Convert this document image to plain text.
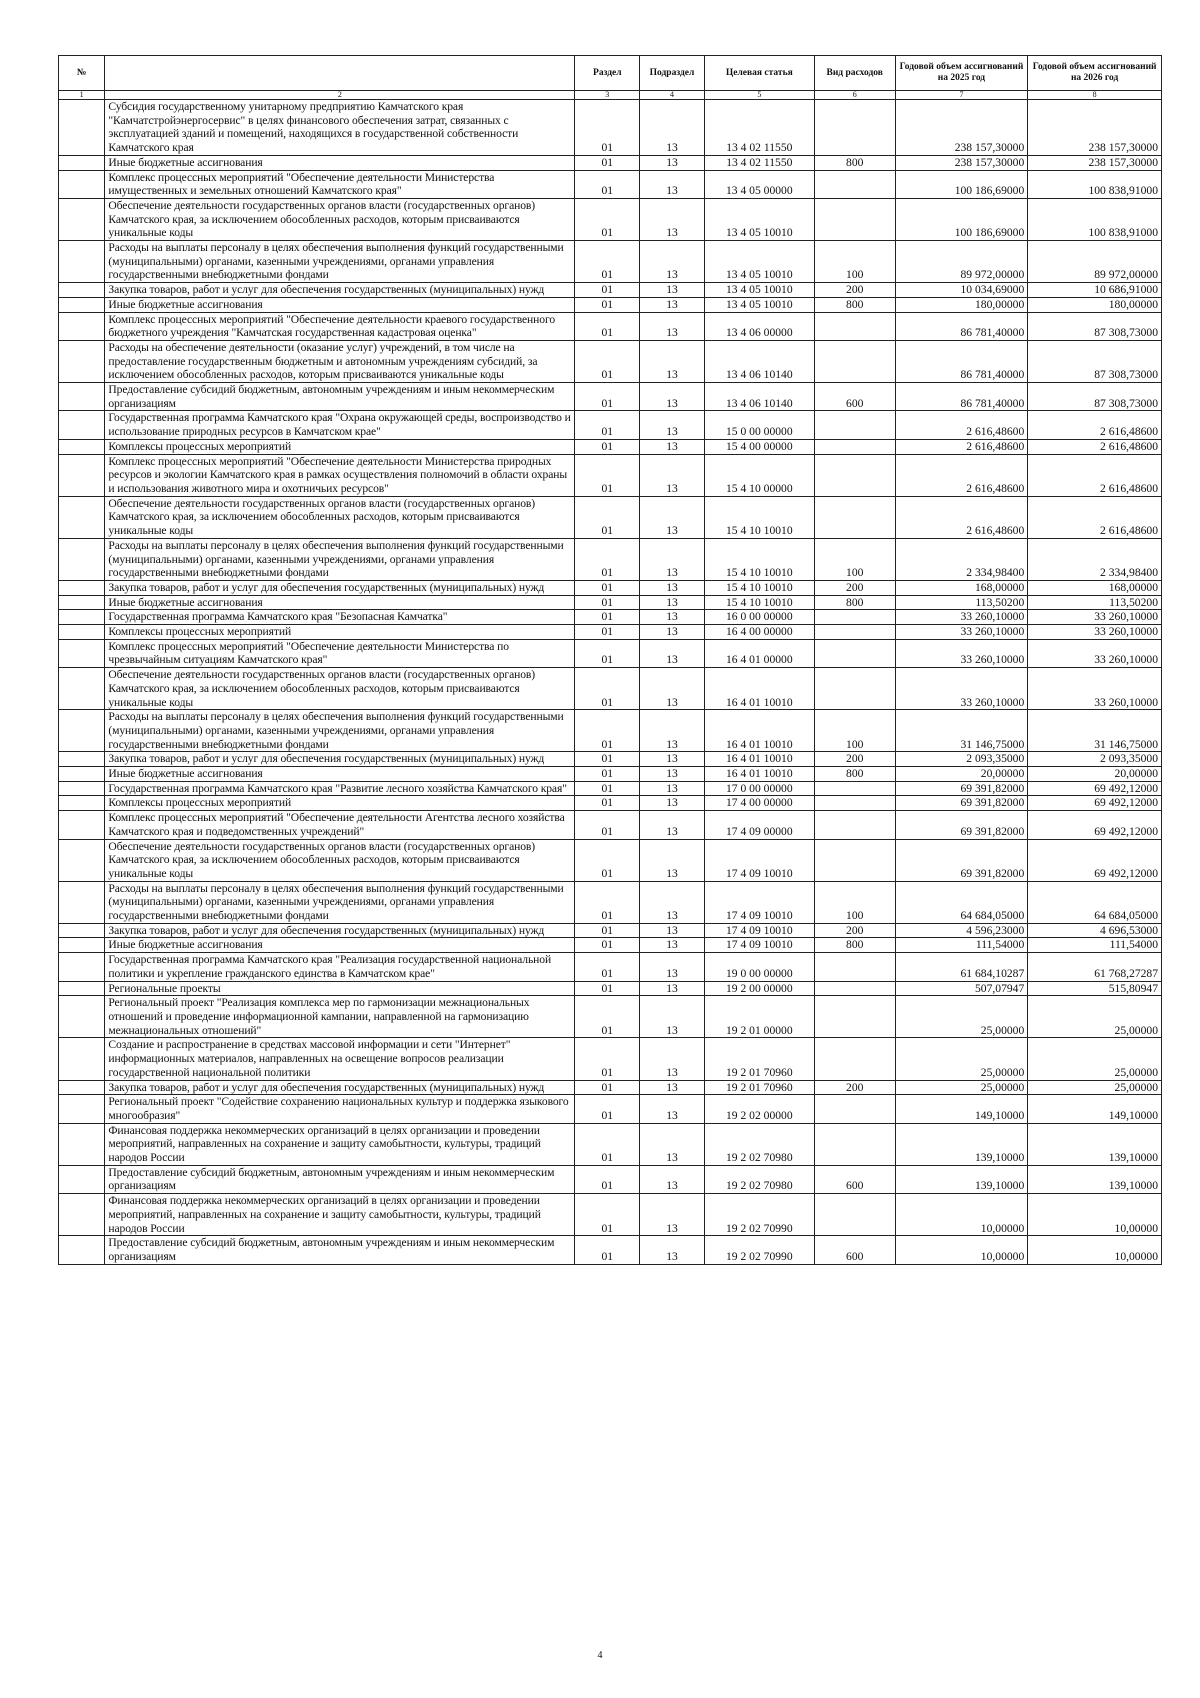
№		Раздел	Подраздел	Целевая статья	Вид расходов	Годовой объем ассигнований на 2025 год	Годовой объем ассигнований на 2026 год
1	2	3	4	5	6	7	8
	Субсидия государственному унитарному предприятию Камчатского края "Камчатстройэнергосервис" в целях финансового обеспечения затрат, связанных с эксплуатацией зданий и помещений, находящихся в государственной собственности Камчатского края	01	13	13 4 02 11550		238 157,30000	238 157,30000
	Иные бюджетные ассигнования	01	13	13 4 02 11550	800	238 157,30000	238 157,30000
	Комплекс процессных мероприятий "Обеспечение деятельности Министерства имущественных и земельных отношений Камчатского края"	01	13	13 4 05 00000		100 186,69000	100 838,91000
	Обеспечение деятельности государственных органов власти (государственных органов) Камчатского края, за исключением обособленных расходов, которым присваиваются уникальные коды	01	13	13 4 05 10010		100 186,69000	100 838,91000
	Расходы на выплаты персоналу в целях обеспечения выполнения функций государственными (муниципальными) органами, казенными учреждениями, органами управления государственными внебюджетными фондами	01	13	13 4 05 10010	100	89 972,00000	89 972,00000
	Закупка товаров, работ и услуг для обеспечения государственных (муниципальных) нужд	01	13	13 4 05 10010	200	10 034,69000	10 686,91000
	Иные бюджетные ассигнования	01	13	13 4 05 10010	800	180,00000	180,00000
	Комплекс процессных мероприятий "Обеспечение деятельности краевого государственного бюджетного учреждения "Камчатская государственная кадастровая оценка"	01	13	13 4 06 00000		86 781,40000	87 308,73000
	Расходы на обеспечение деятельности (оказание услуг) учреждений, в том числе на предоставление государственным бюджетным и автономным учреждениям субсидий, за исключением обособленных расходов, которым присваиваются уникальные коды	01	13	13 4 06 10140		86 781,40000	87 308,73000
	Предоставление субсидий бюджетным, автономным учреждениям и иным некоммерческим организациям	01	13	13 4 06 10140	600	86 781,40000	87 308,73000
	Государственная программа Камчатского края "Охрана окружающей среды, воспроизводство и использование природных ресурсов в Камчатском крае"	01	13	15 0 00 00000		2 616,48600	2 616,48600
	Комплексы процессных мероприятий	01	13	15 4 00 00000		2 616,48600	2 616,48600
	Комплекс процессных мероприятий "Обеспечение деятельности Министерства природных ресурсов и экологии Камчатского края в рамках осуществления полномочий в области охраны и использования животного мира и охотничьих ресурсов"	01	13	15 4 10 00000		2 616,48600	2 616,48600
	Обеспечение деятельности государственных органов власти (государственных органов) Камчатского края, за исключением обособленных расходов, которым присваиваются уникальные коды	01	13	15 4 10 10010		2 616,48600	2 616,48600
	Расходы на выплаты персоналу в целях обеспечения выполнения функций государственными (муниципальными) органами, казенными учреждениями, органами управления государственными внебюджетными фондами	01	13	15 4 10 10010	100	2 334,98400	2 334,98400
	Закупка товаров, работ и услуг для обеспечения государственных (муниципальных) нужд	01	13	15 4 10 10010	200	168,00000	168,00000
	Иные бюджетные ассигнования	01	13	15 4 10 10010	800	113,50200	113,50200
	Государственная программа Камчатского края "Безопасная Камчатка"	01	13	16 0 00 00000		33 260,10000	33 260,10000
	Комплексы процессных мероприятий	01	13	16 4 00 00000		33 260,10000	33 260,10000
	Комплекс процессных мероприятий "Обеспечение деятельности Министерства по чрезвычайным ситуациям Камчатского края"	01	13	16 4 01 00000		33 260,10000	33 260,10000
	Обеспечение деятельности государственных органов власти (государственных органов) Камчатского края, за исключением обособленных расходов, которым присваиваются уникальные коды	01	13	16 4 01 10010		33 260,10000	33 260,10000
	Расходы на выплаты персоналу в целях обеспечения выполнения функций государственными (муниципальными) органами, казенными учреждениями, органами управления государственными внебюджетными фондами	01	13	16 4 01 10010	100	31 146,75000	31 146,75000
	Закупка товаров, работ и услуг для обеспечения государственных (муниципальных) нужд	01	13	16 4 01 10010	200	2 093,35000	2 093,35000
	Иные бюджетные ассигнования	01	13	16 4 01 10010	800	20,00000	20,00000
	Государственная программа Камчатского края "Развитие лесного хозяйства Камчатского края"	01	13	17 0 00 00000		69 391,82000	69 492,12000
	Комплексы процессных мероприятий	01	13	17 4 00 00000		69 391,82000	69 492,12000
	Комплекс процессных мероприятий "Обеспечение деятельности Агентства лесного хозяйства Камчатского края и подведомственных учреждений"	01	13	17 4 09 00000		69 391,82000	69 492,12000
	Обеспечение деятельности государственных органов власти (государственных органов) Камчатского края, за исключением обособленных расходов, которым присваиваются уникальные коды	01	13	17 4 09 10010		69 391,82000	69 492,12000
	Расходы на выплаты персоналу в целях обеспечения выполнения функций государственными (муниципальными) органами, казенными учреждениями, органами управления государственными внебюджетными фондами	01	13	17 4 09 10010	100	64 684,05000	64 684,05000
	Закупка товаров, работ и услуг для обеспечения государственных (муниципальных) нужд	01	13	17 4 09 10010	200	4 596,23000	4 696,53000
	Иные бюджетные ассигнования	01	13	17 4 09 10010	800	111,54000	111,54000
	Государственная программа Камчатского края "Реализация государственной национальной политики и укрепление гражданского единства в Камчатском крае"	01	13	19 0 00 00000		61 684,10287	61 768,27287
	Региональные проекты	01	13	19 2 00 00000		507,07947	515,80947
	Региональный проект "Реализация комплекса мер по гармонизации межнациональных отношений и проведение информационной кампании, направленной на гармонизацию межнациональных отношений"	01	13	19 2 01 00000		25,00000	25,00000
	Создание и распространение в средствах массовой информации и сети "Интернет" информационных материалов, направленных на освещение вопросов реализации государственной национальной политики	01	13	19 2 01 70960		25,00000	25,00000
	Закупка товаров, работ и услуг для обеспечения государственных (муниципальных) нужд	01	13	19 2 01 70960	200	25,00000	25,00000
	Региональный проект "Содействие сохранению национальных культур и поддержка языкового многообразия"	01	13	19 2 02 00000		149,10000	149,10000
	Финансовая поддержка некоммерческих организаций в целях организации и проведении мероприятий, направленных на сохранение и защиту самобытности, культуры, традиций народов России	01	13	19 2 02 70980		139,10000	139,10000
	Предоставление субсидий бюджетным, автономным учреждениям и иным некоммерческим организациям	01	13	19 2 02 70980	600	139,10000	139,10000
	Финансовая поддержка некоммерческих организаций в целях организации и проведении мероприятий, направленных на сохранение и защиту самобытности, культуры, традиций народов России	01	13	19 2 02 70990		10,00000	10,00000
	Предоставление субсидий бюджетным, автономным учреждениям и иным некоммерческим организациям	01	13	19 2 02 70990	600	10,00000	10,00000
4
